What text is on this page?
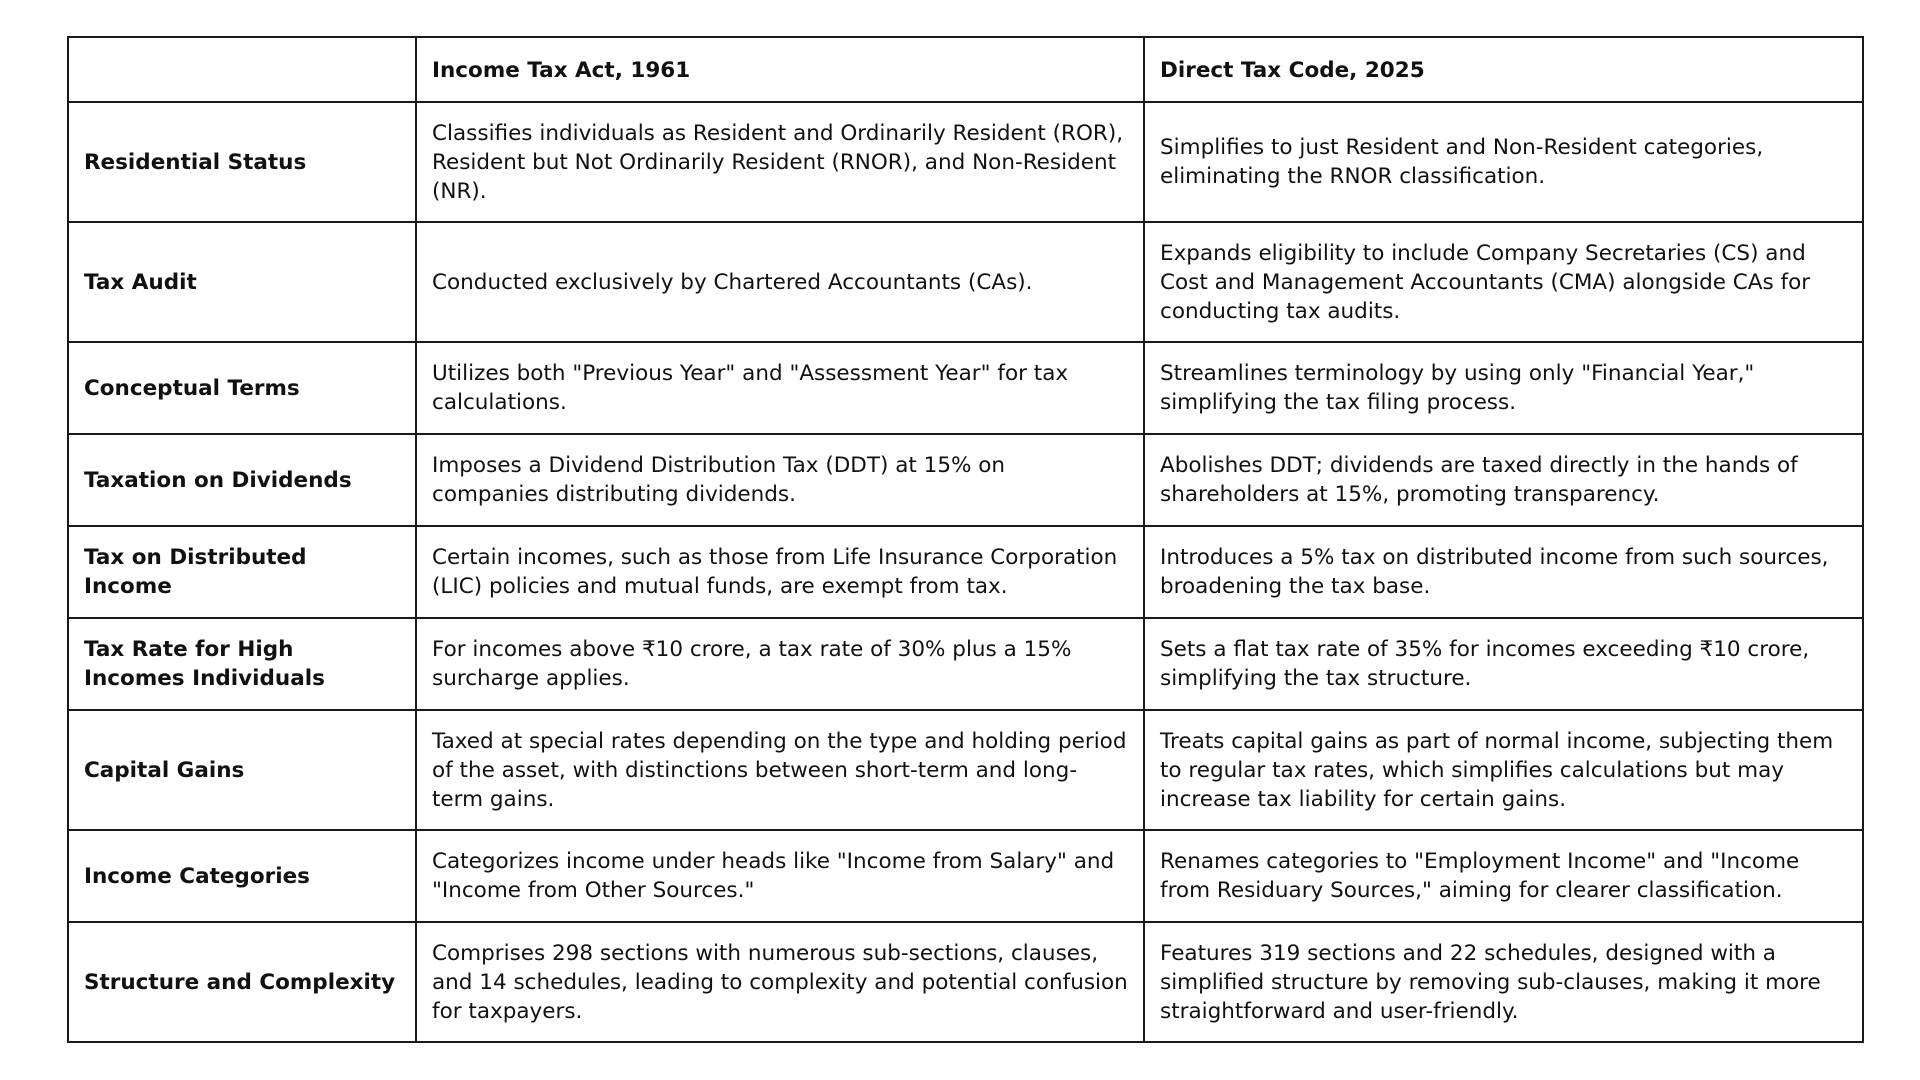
	Income Tax Act, 1961	Direct Tax Code, 2025
Residential Status	Classifies individuals as Resident and Ordinarily Resident (ROR), Resident but Not Ordinarily Resident (RNOR), and Non-Resident (NR).	Simplifies to just Resident and Non-Resident categories, eliminating the RNOR classification.
Tax Audit	Conducted exclusively by Chartered Accountants (CAs).	Expands eligibility to include Company Secretaries (CS) and Cost and Management Accountants (CMA) alongside CAs for conducting tax audits.
Conceptual Terms	Utilizes both "Previous Year" and "Assessment Year" for tax calculations.	Streamlines terminology by using only "Financial Year," simplifying the tax filing process.
Taxation on Dividends	Imposes a Dividend Distribution Tax (DDT) at 15% on companies distributing dividends.	Abolishes DDT; dividends are taxed directly in the hands of shareholders at 15%, promoting transparency.
Tax on Distributed Income	Certain incomes, such as those from Life Insurance Corporation (LIC) policies and mutual funds, are exempt from tax.	Introduces a 5% tax on distributed income from such sources, broadening the tax base.
Tax Rate for High Incomes Individuals	For incomes above ₹10 crore, a tax rate of 30% plus a 15% surcharge applies.	Sets a flat tax rate of 35% for incomes exceeding ₹10 crore, simplifying the tax structure.
Capital Gains	Taxed at special rates depending on the type and holding period of the asset, with distinctions between short-term and long-term gains.	Treats capital gains as part of normal income, subjecting them to regular tax rates, which simplifies calculations but may increase tax liability for certain gains.
Income Categories	Categorizes income under heads like "Income from Salary" and "Income from Other Sources."	Renames categories to "Employment Income" and "Income from Residuary Sources," aiming for clearer classification.
Structure and Complexity	Comprises 298 sections with numerous sub-sections, clauses, and 14 schedules, leading to complexity and potential confusion for taxpayers.	Features 319 sections and 22 schedules, designed with a simplified structure by removing sub-clauses, making it more straightforward and user-friendly.
